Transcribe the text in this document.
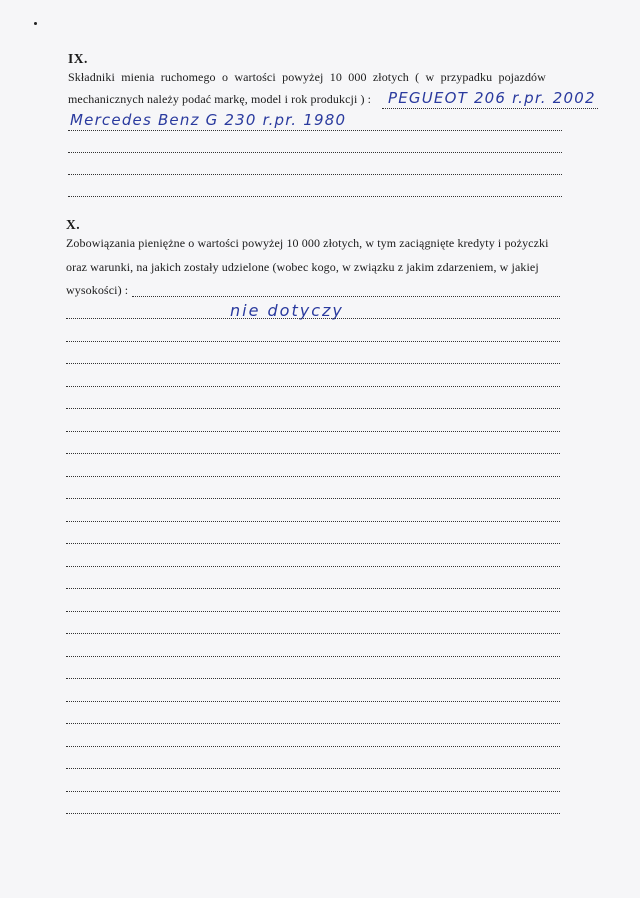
IX.
Składniki mienia ruchomego o wartości powyżej 10 000 złotych ( w przypadku pojazdów
mechanicznych należy podać markę, model i rok produkcji ) : PEGUEOT 206 r.pr. 2002
Mercedes Benz G 230 r.pr. 1980
X.
Zobowiązania pieniężne o wartości powyżej 10 000 złotych, w tym zaciągnięte kredyty i pożyczki
oraz warunki, na jakich zostały udzielone (wobec kogo, w związku z jakim zdarzeniem, w jakiej
wysokości) :
nie dotyczy
